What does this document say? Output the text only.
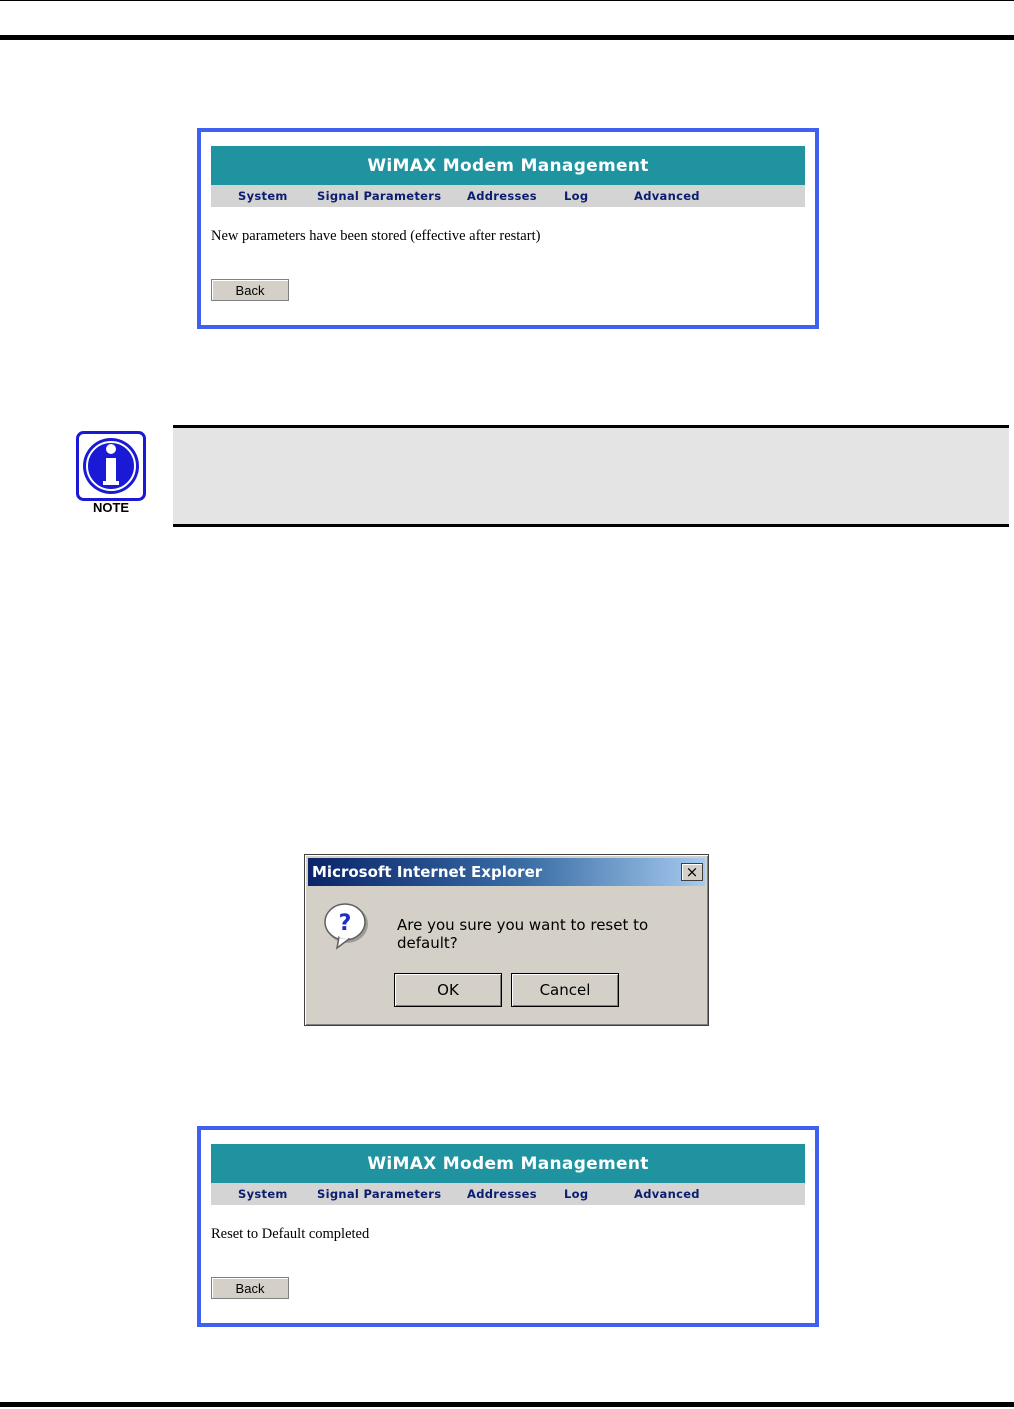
WiMAX Modem Management
System	Signal Parameters Addresses Log	Advanced
New parameters have been stored (effective after restart)
Back
NOTE
Microsoft Internet Explorer	×
?	Are you sure you want to reset to default?
OK	Cancel
WiMAX Modem Management
System	Signal Parameters Addresses Log	Advanced
Reset to Default completed
Back
